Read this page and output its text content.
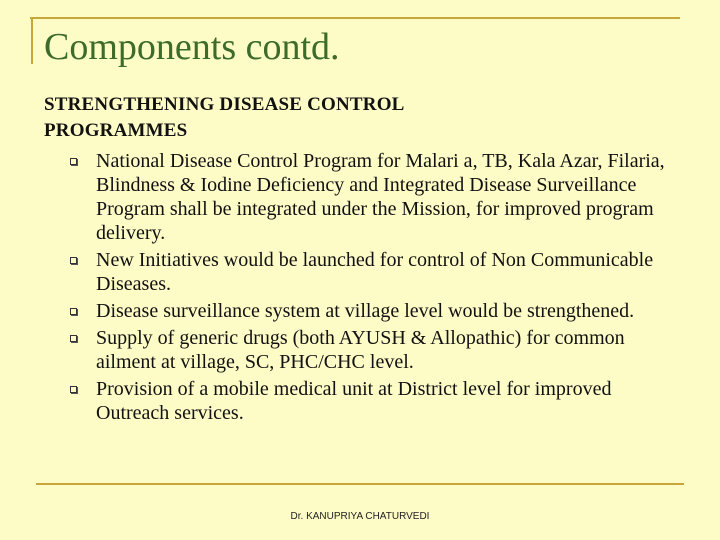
Components contd.
STRENGTHENING DISEASE CONTROL PROGRAMMES
National Disease Control Program for Malari a, TB, Kala Azar, Filaria, Blindness & Iodine Deficiency and Integrated Disease Surveillance Program shall be integrated under the Mission, for improved program delivery.
New Initiatives would be launched for control of Non Communicable Diseases.
Disease surveillance system at village level would be strengthened.
Supply of generic drugs (both AYUSH & Allopathic) for common ailment at village, SC, PHC/CHC level.
Provision of a mobile medical unit at District level for improved Outreach services.
Dr. KANUPRIYA CHATURVEDI
